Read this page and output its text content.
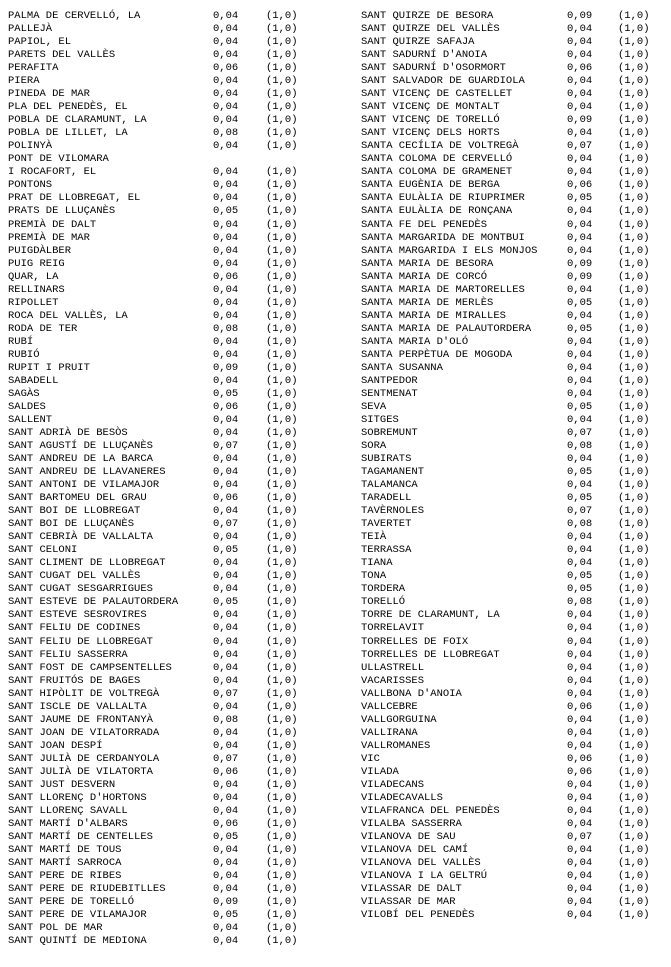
PALMA DE CERVELLÓ, LA	0,04	(1,0)
PALLEJÀ	0,04	(1,0)
PAPIOL, EL	0,04	(1,0)
PARETS DEL VALLÈS	0,04	(1,0)
PERAFITA	0,06	(1,0)
PIERA	0,04	(1,0)
PINEDA DE MAR	0,04	(1,0)
PLA DEL PENEDÈS, EL	0,04	(1,0)
POBLA DE CLARAMUNT, LA	0,04	(1,0)
POBLA DE LILLET, LA	0,08	(1,0)
POLINYÀ	0,04	(1,0)
PONT DE VILOMARA
I ROCAFORT, EL	0,04	(1,0)
PONTONS	0,04	(1,0)
PRAT DE LLOBREGAT, EL	0,04	(1,0)
PRATS DE LLUÇANÈS	0,05	(1,0)
PREMIÀ DE DALT	0,04	(1,0)
PREMIÀ DE MAR	0,04	(1,0)
PUIGDÀLBER	0,04	(1,0)
PUIG REIG	0,04	(1,0)
QUAR, LA	0,06	(1,0)
RELLINARS	0,04	(1,0)
RIPOLLET	0,04	(1,0)
ROCA DEL VALLÈS, LA	0,04	(1,0)
RODA DE TER	0,08	(1,0)
RUBÍ	0,04	(1,0)
RUBIÓ	0,04	(1,0)
RUPIT I PRUIT	0,09	(1,0)
SABADELL	0,04	(1,0)
SAGÀS	0,05	(1,0)
SALDES	0,06	(1,0)
SALLENT	0,04	(1,0)
SANT ADRIÀ DE BESÒS	0,04	(1,0)
SANT AGUSTÍ DE LLUÇANÈS	0,07	(1,0)
SANT ANDREU DE LA BARCA	0,04	(1,0)
SANT ANDREU DE LLAVANERES	0,04	(1,0)
SANT ANTONI DE VILAMAJOR	0,04	(1,0)
SANT BARTOMEU DEL GRAU	0,06	(1,0)
SANT BOI DE LLOBREGAT	0,04	(1,0)
SANT BOI DE LLUÇANÈS	0,07	(1,0)
SANT CEBRIÀ DE VALLALTA	0,04	(1,0)
SANT CELONI	0,05	(1,0)
SANT CLIMENT DE LLOBREGAT	0,04	(1,0)
SANT CUGAT DEL VALLÈS	0,04	(1,0)
SANT CUGAT SESGARRIGUES	0,04	(1,0)
SANT ESTEVE DE PALAUTORDERA	0,05	(1,0)
SANT ESTEVE SESROVIRES	0,04	(1,0)
SANT FELIU DE CODINES	0,04	(1,0)
SANT FELIU DE LLOBREGAT	0,04	(1,0)
SANT FELIU SASSERRA	0,04	(1,0)
SANT FOST DE CAMPSENTELLES	0,04	(1,0)
SANT FRUITÓS DE BAGES	0,04	(1,0)
SANT HIPÒLIT DE VOLTREGÀ	0,07	(1,0)
SANT ISCLE DE VALLALTA	0,04	(1,0)
SANT JAUME DE FRONTANYÀ	0,08	(1,0)
SANT JOAN DE VILATORRADA	0,04	(1,0)
SANT JOAN DESPÍ	0,04	(1,0)
SANT JULIÀ DE CERDANYOLA	0,07	(1,0)
SANT JULIÀ DE VILATORTA	0,06	(1,0)
SANT JUST DESVERN	0,04	(1,0)
SANT LLORENÇ D'HORTONS	0,04	(1,0)
SANT LLORENÇ SAVALL	0,04	(1,0)
SANT MARTÍ D'ALBARS	0,06	(1,0)
SANT MARTÍ DE CENTELLES	0,05	(1,0)
SANT MARTÍ DE TOUS	0,04	(1,0)
SANT MARTÍ SARROCA	0,04	(1,0)
SANT PERE DE RIBES	0,04	(1,0)
SANT PERE DE RIUDEBITLLES	0,04	(1,0)
SANT PERE DE TORELLÓ	0,09	(1,0)
SANT PERE DE VILAMAJOR	0,05	(1,0)
SANT POL DE MAR	0,04	(1,0)
SANT QUINTÍ DE MEDIONA	0,04	(1,0)
SANT QUIRZE DE BESORA	0,09 (1,0)
SANT QUIRZE DEL VALLÈS	0,04 (1,0)
SANT QUIRZE SAFAJA	0,04 (1,0)
SANT SADURNÍ D'ANOIA	0,04 (1,0)
SANT SADURNÍ D'OSORMORT	0,06 (1,0)
SANT SALVADOR DE GUARDIOLA	0,04 (1,0)
SANT VICENÇ DE CASTELLET	0,04 (1,0)
SANT VICENÇ DE MONTALT	0,04 (1,0)
SANT VICENÇ DE TORELLÓ	0,09 (1,0)
SANT VICENÇ DELS HORTS	0,04 (1,0)
SANTA CECÍLIA DE VOLTREGÀ	0,07 (1,0)
SANTA COLOMA DE CERVELLÓ	0,04 (1,0)
SANTA COLOMA DE GRAMENET	0,04 (1,0)
SANTA EUGÈNIA DE BERGA	0,06 (1,0)
SANTA EULÀLIA DE RIUPRIMER	0,05 (1,0)
SANTA EULÀLIA DE RONÇANA	0,04 (1,0)
SANTA FE DEL PENEDÈS	0,04 (1,0)
SANTA MARGARIDA DE MONTBUI	0,04 (1,0)
SANTA MARGARIDA I ELS MONJOS	0,04 (1,0)
SANTA MARIA DE BESORA	0,09 (1,0)
SANTA MARIA DE CORCÓ	0,09 (1,0)
SANTA MARIA DE MARTORELLES	0,04 (1,0)
SANTA MARIA DE MERLÈS	0,05 (1,0)
SANTA MARIA DE MIRALLES	0,04 (1,0)
SANTA MARIA DE PALAUTORDERA	0,05 (1,0)
SANTA MARIA D'OLÓ	0,04 (1,0)
SANTA PERPÈTUA DE MOGODA	0,04 (1,0)
SANTA SUSANNA	0,04 (1,0)
SANTPEDOR	0,04 (1,0)
SENTMENAT	0,04 (1,0)
SEVA	0,05 (1,0)
SITGES	0,04 (1,0)
SOBREMUNT	0,07 (1,0)
SORA	0,08 (1,0)
SUBIRATS	0,04 (1,0)
TAGAMANENT	0,05 (1,0)
TALAMANCA	0,04 (1,0)
TARADELL	0,05 (1,0)
TAVÈRNOLES	0,07 (1,0)
TAVERTET	0,08 (1,0)
TEIÀ	0,04 (1,0)
TERRASSA	0,04 (1,0)
TIANA	0,04 (1,0)
TONA	0,05 (1,0)
TORDERA	0,05 (1,0)
TORELLÓ	0,08 (1,0)
TORRE DE CLARAMUNT, LA	0,04 (1,0)
TORRELAVIT	0,04 (1,0)
TORRELLES DE FOIX	0,04 (1,0)
TORRELLES DE LLOBREGAT	0,04 (1,0)
ULLASTRELL	0,04 (1,0)
VACARISSES	0,04 (1,0)
VALLBONA D'ANOIA	0,04 (1,0)
VALLCEBRE	0,06 (1,0)
VALLGORGUINA	0,04 (1,0)
VALLIRANA	0,04 (1,0)
VALLROMANES	0,04 (1,0)
VIC	0,06 (1,0)
VILADA	0,06 (1,0)
VILADECANS	0,04 (1,0)
VILADECAVALLS	0,04 (1,0)
VILAFRANCA DEL PENEDÈS	0,04 (1,0)
VILALBA SASSERRA	0,04 (1,0)
VILANOVA DE SAU	0,07 (1,0)
VILANOVA DEL CAMÍ	0,04 (1,0)
VILANOVA DEL VALLÈS	0,04 (1,0)
VILANOVA I LA GELTRÚ	0,04 (1,0)
VILASSAR DE DALT	0,04 (1,0)
VILASSAR DE MAR	0,04 (1,0)
VILOBÍ DEL PENEDÈS	0,04 (1,0)
